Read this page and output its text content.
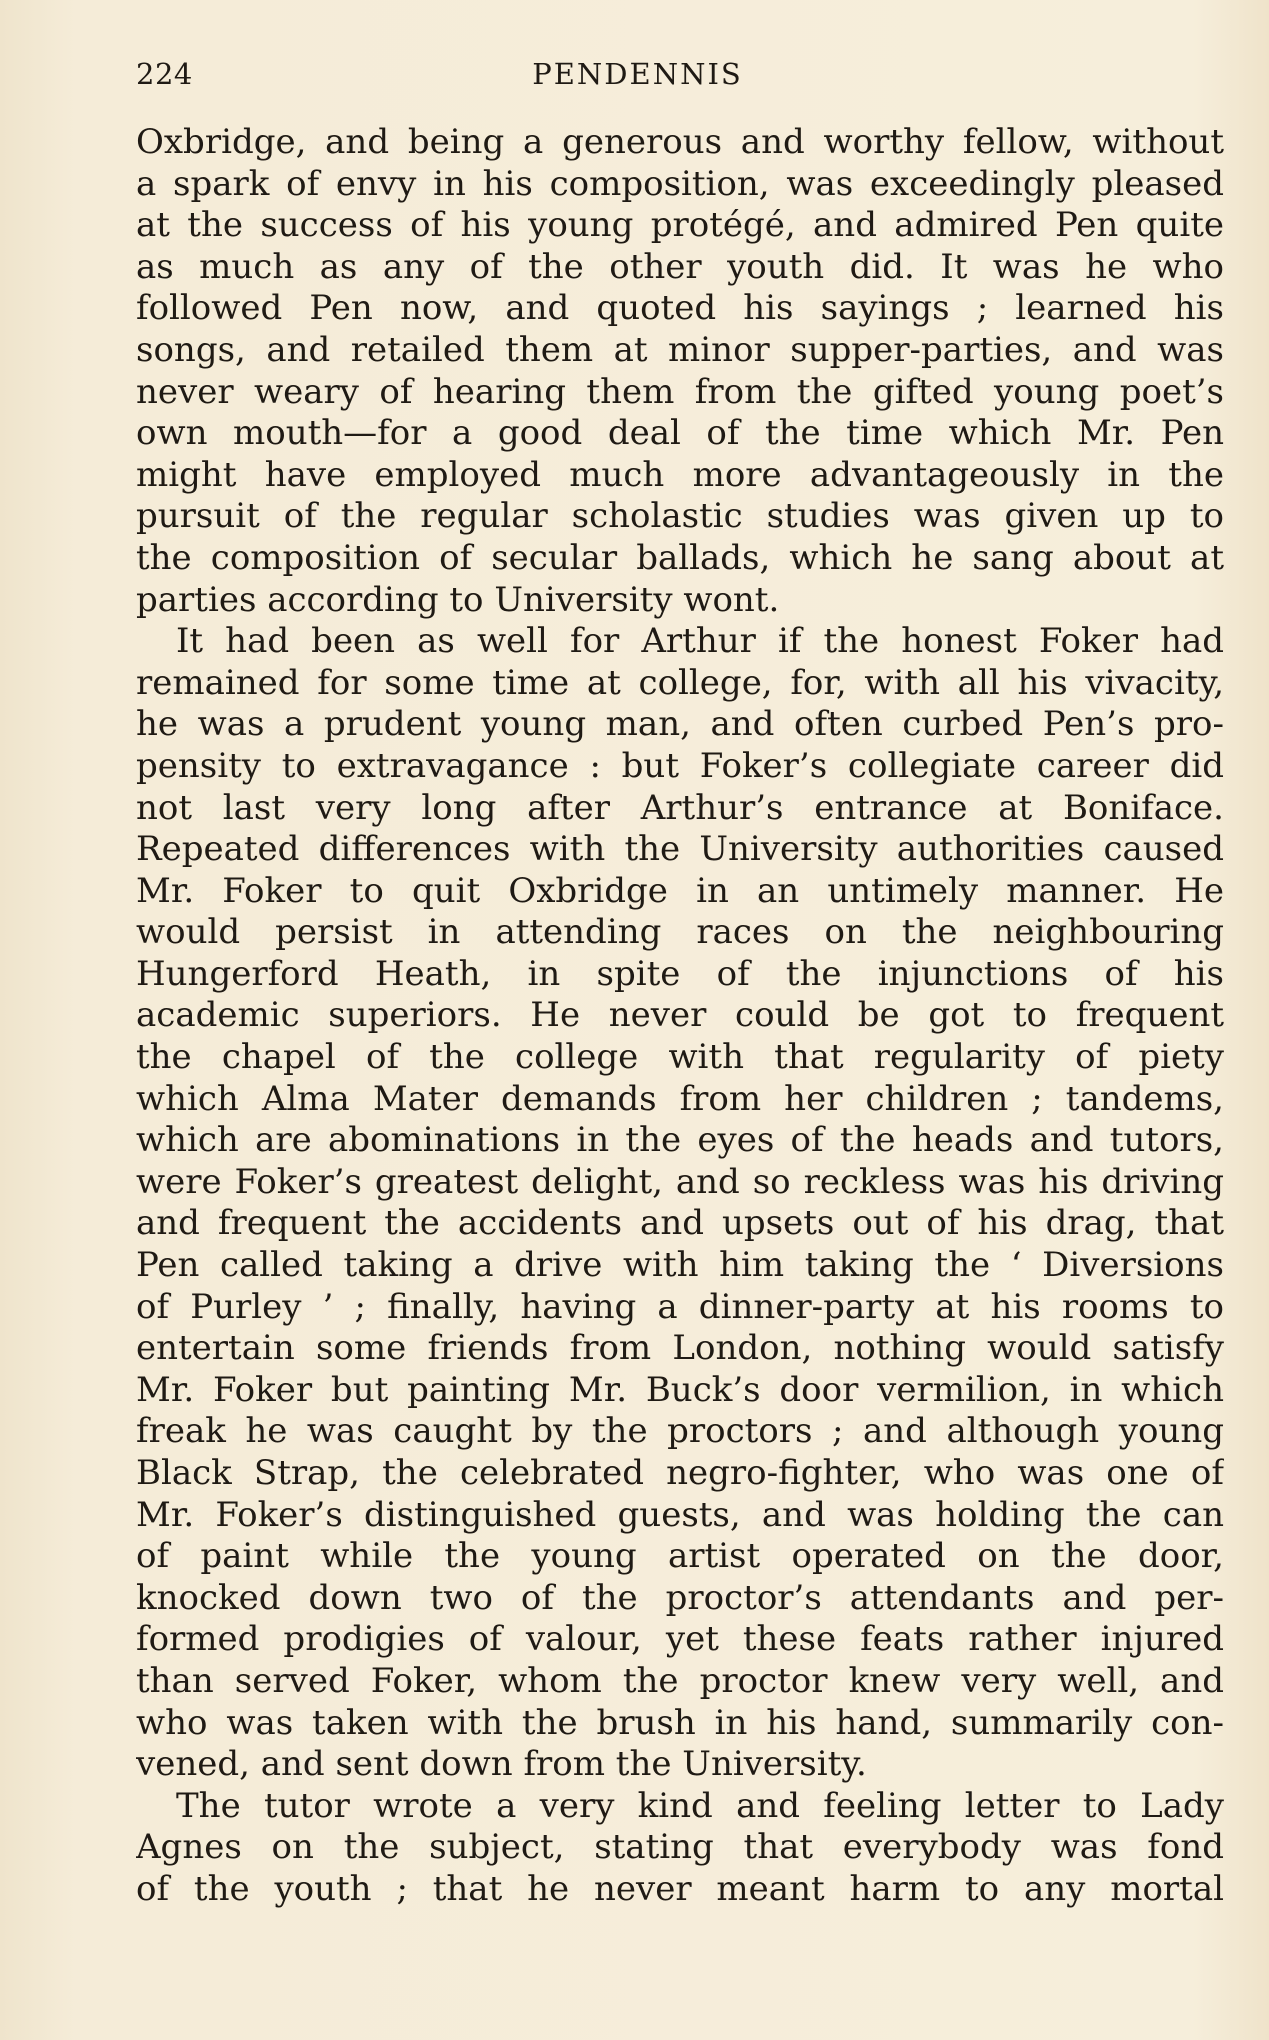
224	PENDENNIS
Oxbridge, and being a generous and worthy fellow, without
a spark of envy in his composition, was exceedingly pleased
at the success of his young protégé, and admired Pen quite
as much as any of the other youth did. It was he who
followed Pen now, and quoted his sayings ; learned his
songs, and retailed them at minor supper-parties, and was
never weary of hearing them from the gifted young poet’s
own mouth—for a good deal of the time which Mr. Pen
might have employed much more advantageously in the
pursuit of the regular scholastic studies was given up to
the composition of secular ballads, which he sang about at
parties according to University wont.
It had been as well for Arthur if the honest Foker had
remained for some time at college, for, with all his vivacity,
he was a prudent young man, and often curbed Pen’s pro-
pensity to extravagance : but Foker’s collegiate career did
not last very long after Arthur’s entrance at Boniface.
Repeated differences with the University authorities caused
Mr. Foker to quit Oxbridge in an untimely manner. He
would persist in attending races on the neighbouring
Hungerford Heath, in spite of the injunctions of his
academic superiors. He never could be got to frequent
the chapel of the college with that regularity of piety
which Alma Mater demands from her children ; tandems,
which are abominations in the eyes of the heads and tutors,
were Foker’s greatest delight, and so reckless was his driving
and frequent the accidents and upsets out of his drag, that
Pen called taking a drive with him taking the ‘ Diversions
of Purley ’ ; finally, having a dinner-party at his rooms to
entertain some friends from London, nothing would satisfy
Mr. Foker but painting Mr. Buck’s door vermilion, in which
freak he was caught by the proctors ; and although young
Black Strap, the celebrated negro-fighter, who was one of
Mr. Foker’s distinguished guests, and was holding the can
of paint while the young artist operated on the door,
knocked down two of the proctor’s attendants and per-
formed prodigies of valour, yet these feats rather injured
than served Foker, whom the proctor knew very well, and
who was taken with the brush in his hand, summarily con-
vened, and sent down from the University.
The tutor wrote a very kind and feeling letter to Lady
Agnes on the subject, stating that everybody was fond
of the youth ; that he never meant harm to any mortal
